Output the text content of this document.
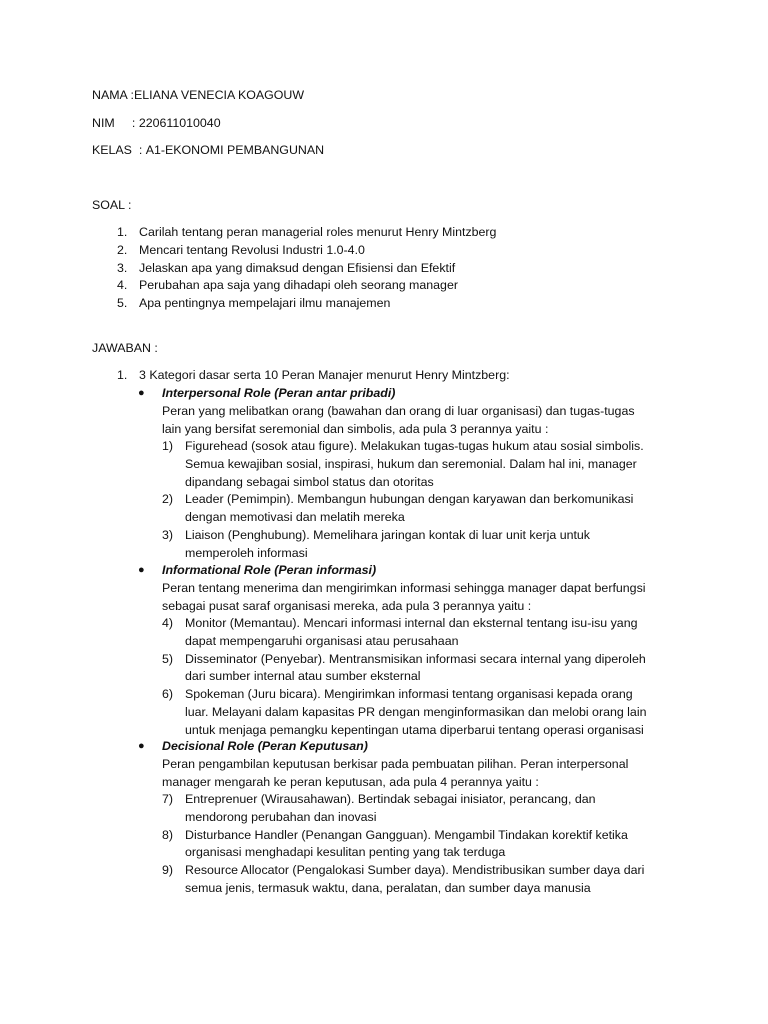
NAMA :ELIANA VENECIA KOAGOUW
NIM     : 220611010040
KELAS  : A1-EKONOMI PEMBANGUNAN
SOAL :
1. Carilah tentang peran managerial roles menurut Henry Mintzberg
2. Mencari tentang Revolusi Industri 1.0-4.0
3. Jelaskan apa yang dimaksud dengan Efisiensi dan Efektif
4. Perubahan apa saja yang dihadapi oleh seorang manager
5. Apa pentingnya mempelajari ilmu manajemen
JAWABAN :
1. 3 Kategori dasar serta 10 Peran Manajer menurut Henry Mintzberg:
● Interpersonal Role (Peran antar pribadi)
Peran yang melibatkan orang (bawahan dan orang di luar organisasi) dan tugas-tugas
lain yang bersifat seremonial dan simbolis, ada pula 3 perannya yaitu :
1) Figurehead (sosok atau figure). Melakukan tugas-tugas hukum atau sosial simbolis.
Semua kewajiban sosial, inspirasi, hukum dan seremonial. Dalam hal ini, manager
dipandang sebagai simbol status dan otoritas
2) Leader (Pemimpin). Membangun hubungan dengan karyawan dan berkomunikasi
dengan memotivasi dan melatih mereka
3) Liaison (Penghubung). Memelihara jaringan kontak di luar unit kerja untuk
memperoleh informasi
● Informational Role (Peran informasi)
Peran tentang menerima dan mengirimkan informasi sehingga manager dapat berfungsi
sebagai pusat saraf organisasi mereka, ada pula 3 perannya yaitu :
4) Monitor (Memantau). Mencari informasi internal dan eksternal tentang isu-isu yang
dapat mempengaruhi organisasi atau perusahaan
5) Disseminator (Penyebar). Mentransmisikan informasi secara internal yang diperoleh
dari sumber internal atau sumber eksternal
6) Spokeman (Juru bicara). Mengirimkan informasi tentang organisasi kepada orang
luar. Melayani dalam kapasitas PR dengan menginformasikan dan melobi orang lain
untuk menjaga pemangku kepentingan utama diperbarui tentang operasi organisasi
● Decisional Role (Peran Keputusan)
Peran pengambilan keputusan berkisar pada pembuatan pilihan. Peran interpersonal
manager mengarah ke peran keputusan, ada pula 4 perannya yaitu :
7) Entreprenuer (Wirausahawan). Bertindak sebagai inisiator, perancang, dan
mendorong perubahan dan inovasi
8) Disturbance Handler (Penangan Gangguan). Mengambil Tindakan korektif ketika
organisasi menghadapi kesulitan penting yang tak terduga
9) Resource Allocator (Pengalokasi Sumber daya). Mendistribusikan sumber daya dari
semua jenis, termasuk waktu, dana, peralatan, dan sumber daya manusia
